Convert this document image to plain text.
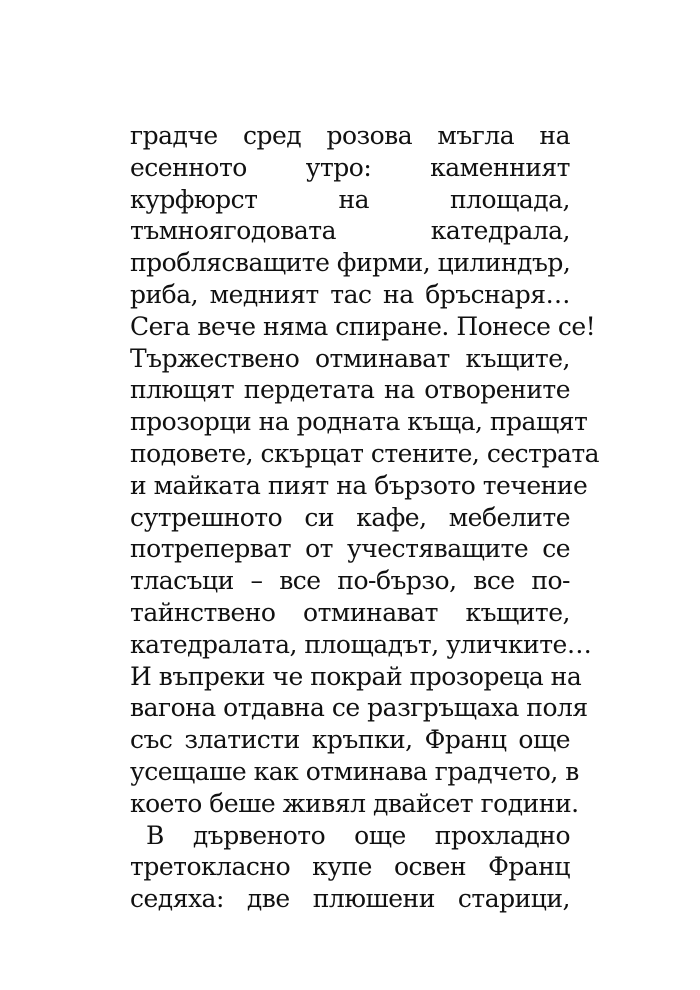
градче сред розова мъгла на
есенното утро: каменният
курфюрст на площада,
тъмноягодовата катедрала,
проблясващите фирми, цилиндър,
риба, медният тас на бръснаря…
Сега вече няма спиране. Понесе се!
Тържествено отминават къщите,
плющят пердетата на отворените
прозорци на родната къща, пращят
подовете, скърцат стените, сестрата
и майката пият на бързото течение
сутрешното си кафе, мебелите
потреперват от учестяващите се
тласъци – все по-бързо, все по-
тайнствено отминават къщите,
катедралата, площадът, уличките…
И въпреки че покрай прозореца на
вагона отдавна се разгръщаха поля
със златисти кръпки, Франц още
усещаше как отминава градчето, в
което беше живял двайсет години.
В дървеното още прохладно
третокласно купе освен Франц
седяха: две плюшени старици,
